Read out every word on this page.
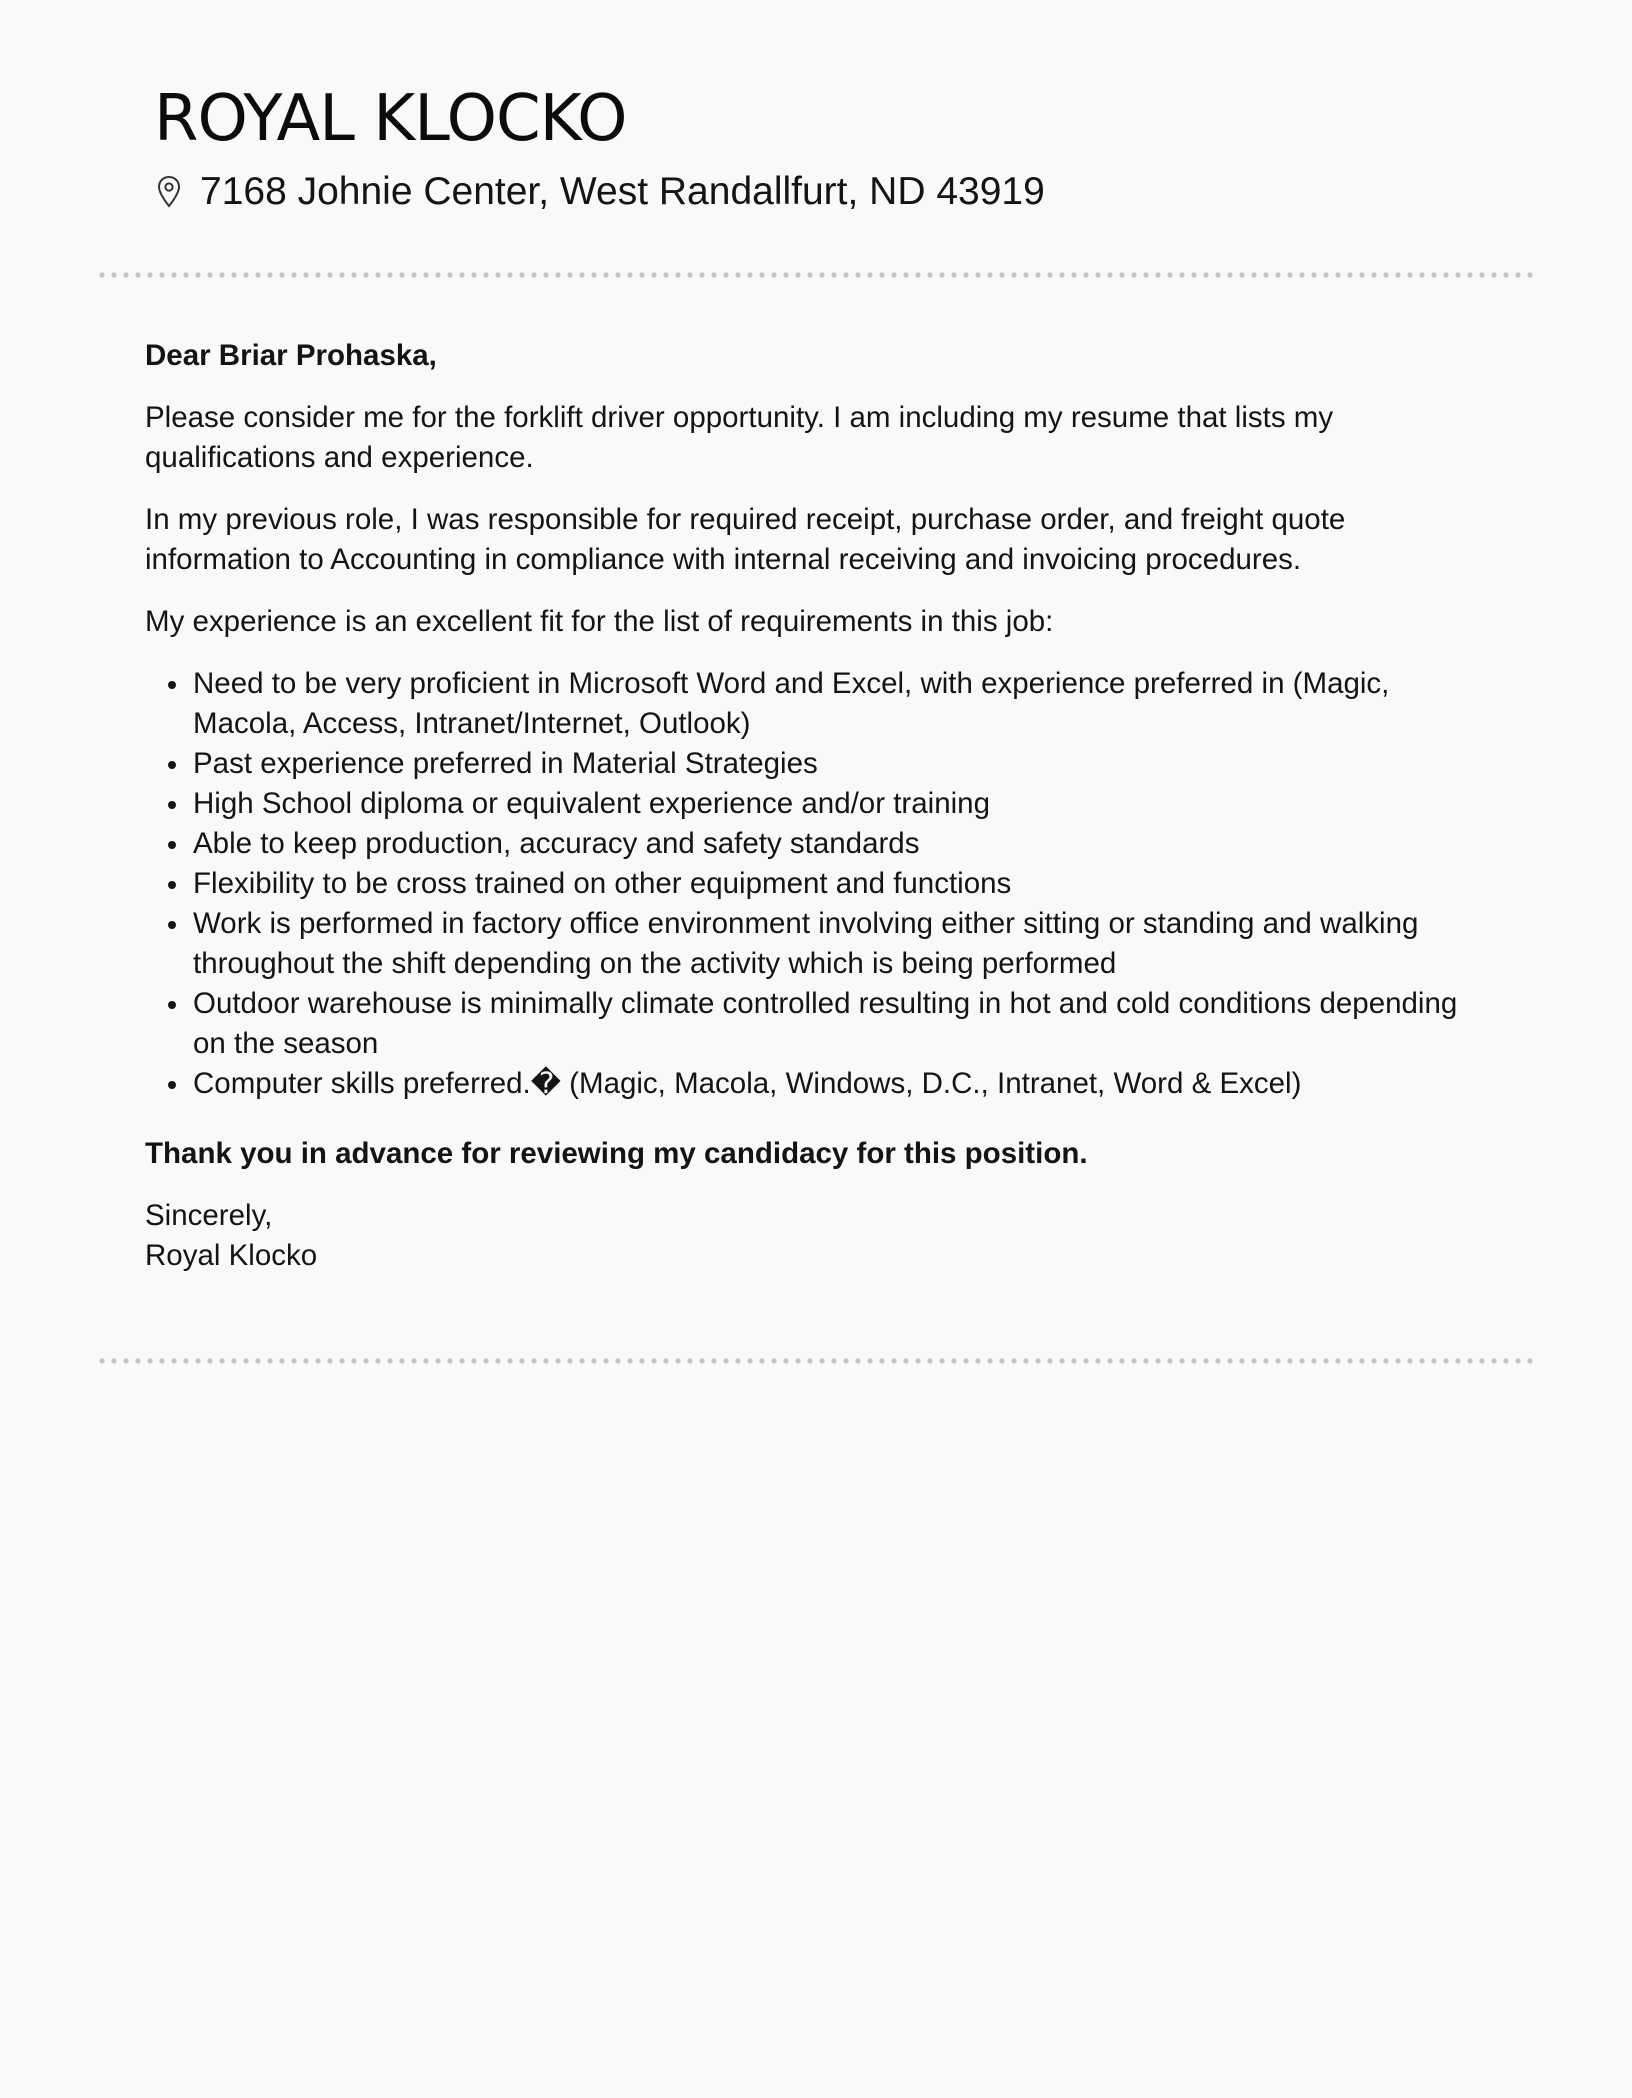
ROYAL KLOCKO
7168 Johnie Center, West Randallfurt, ND 43919

Dear Briar Prohaska,

Please consider me for the forklift driver opportunity. I am including my resume that lists my qualifications and experience.

In my previous role, I was responsible for required receipt, purchase order, and freight quote information to Accounting in compliance with internal receiving and invoicing procedures.

My experience is an excellent fit for the list of requirements in this job:

Need to be very proficient in Microsoft Word and Excel, with experience preferred in (Magic, Macola, Access, Intranet/Internet, Outlook)
Past experience preferred in Material Strategies
High School diploma or equivalent experience and/or training
Able to keep production, accuracy and safety standards
Flexibility to be cross trained on other equipment and functions
Work is performed in factory office environment involving either sitting or standing and walking throughout the shift depending on the activity which is being performed
Outdoor warehouse is minimally climate controlled resulting in hot and cold conditions depending on the season
Computer skills preferred.� (Magic, Macola, Windows, D.C., Intranet, Word & Excel)

Thank you in advance for reviewing my candidacy for this position.

Sincerely,
Royal Klocko
